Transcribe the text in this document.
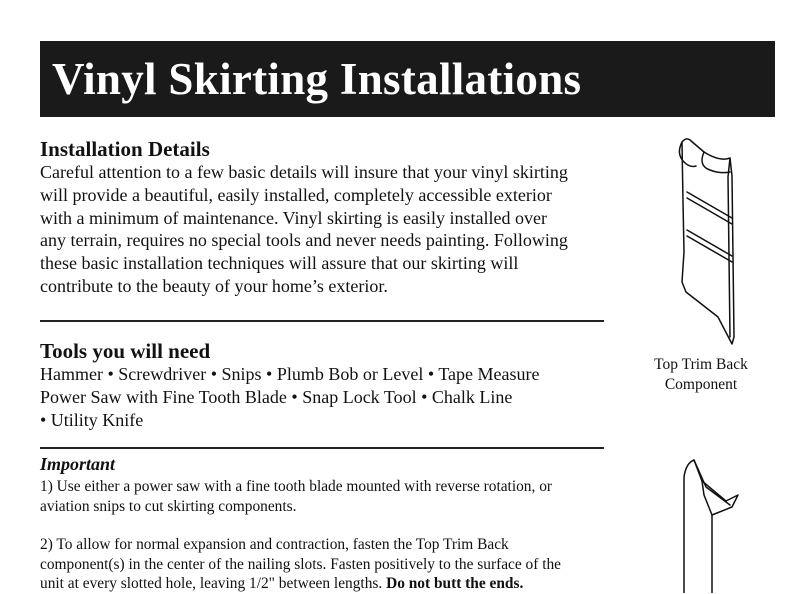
Vinyl Skirting Installations
Installation Details
Careful attention to a few basic details will insure that your vinyl skirting
will provide a beautiful, easily installed, completely accessible exterior
with a minimum of maintenance. Vinyl skirting is easily installed over
any terrain, requires no special tools and never needs painting. Following
these basic installation techniques will assure that our skirting will
contribute to the beauty of your home’s exterior.
Tools you will need
Hammer • Screwdriver • Snips • Plumb Bob or Level • Tape Measure
Power Saw with Fine Tooth Blade • Snap Lock Tool • Chalk Line
• Utility Knife
Important
1) Use either a power saw with a fine tooth blade mounted with reverse rotation, or
aviation snips to cut skirting components.
2) To allow for normal expansion and contraction, fasten the Top Trim Back
component(s) in the center of the nailing slots. Fasten positively to the surface of the
unit at every slotted hole, leaving 1/2" between lengths. Do not butt the ends.
Top Trim Back
Component
